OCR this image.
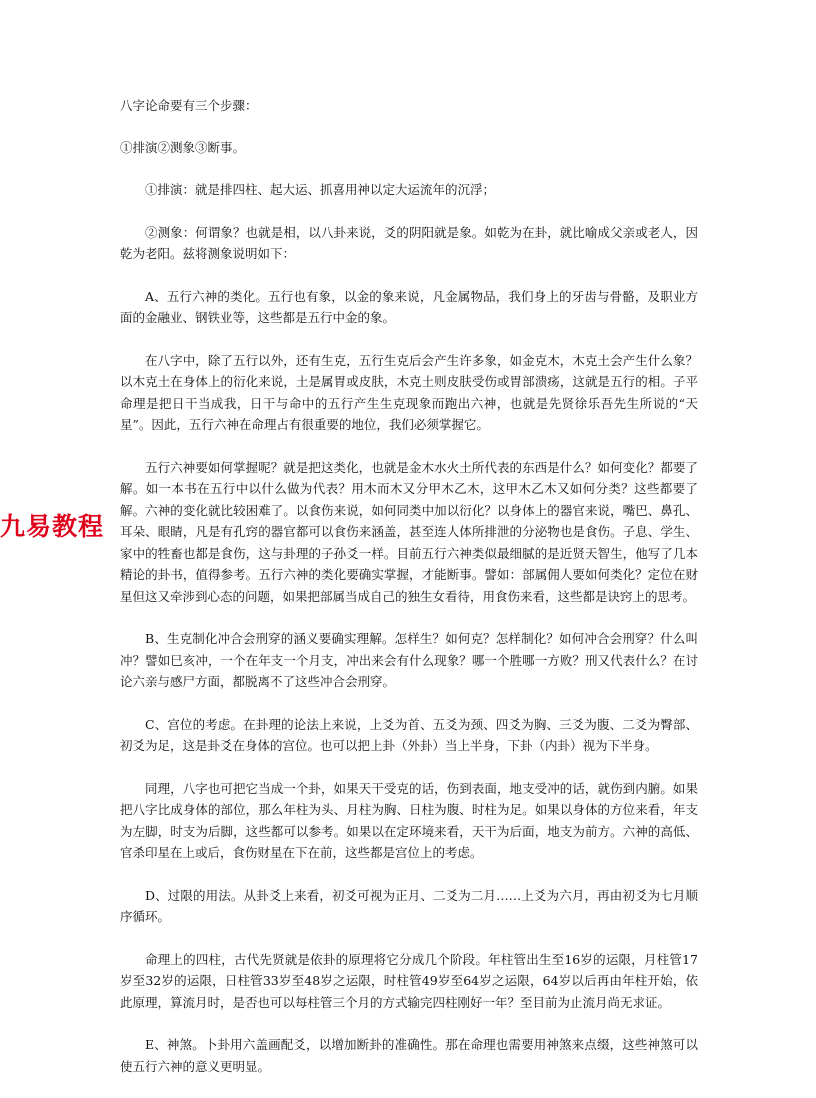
八字论命要有三个步骤：

①排演②测象③断事。

①排演：就是排四柱、起大运、抓喜用神以定大运流年的沉浮；

②测象：何谓象？也就是相，以八卦来说，爻的阴阳就是象。如乾为在卦，就比喻成父亲或老人，因乾为老阳。兹将测象说明如下：

A、五行六神的类化。五行也有象，以金的象来说，凡金属物品，我们身上的牙齿与骨骼，及职业方面的金融业、钢铁业等，这些都是五行中金的象。

在八字中，除了五行以外，还有生克，五行生克后会产生许多象，如金克木，木克土会产生什么象？以木克土在身体上的衍化来说，土是属胃或皮肤，木克土则皮肤受伤或胃部溃疡，这就是五行的相。子平命理是把日干当成我，日干与命中的五行产生生克现象而跑出六神，也就是先贤徐乐吾先生所说的“天星”。因此，五行六神在命理占有很重要的地位，我们必须掌握它。

五行六神要如何掌握呢？就是把这类化，也就是金木水火土所代表的东西是什么？如何变化？都要了解。如一本书在五行中以什么做为代表？用木而木又分甲木乙木，这甲木乙木又如何分类？这些都要了解。六神的变化就比较困难了。以食伤来说，如何同类中加以衍化？以身体上的器官来说，嘴巴、鼻孔、耳朵、眼睛，凡是有孔窍的器官都可以食伤来涵盖，甚至连人体所排泄的分泌物也是食伤。子息、学生、家中的牲畜也都是食伤，这与卦理的子孙爻一样。目前五行六神类似最细腻的是近贤天智生，他写了几本精论的卦书，值得参考。五行六神的类化要确实掌握，才能断事。譬如：部属佣人要如何类化？定位在财星但这又牵涉到心态的问题，如果把部属当成自己的独生女看待，用食伤来看，这些都是诀窍上的思考。

B、生克制化冲合会刑穿的涵义要确实理解。怎样生？如何克？怎样制化？如何冲合会刑穿？什么叫冲？譬如巳亥冲，一个在年支一个月支，冲出来会有什么现象？哪一个胜哪一方败？刑又代表什么？在讨论六亲与感尸方面，都脱离不了这些冲合会刑穿。

C、宫位的考虑。在卦理的论法上来说，上爻为首、五爻为颈、四爻为胸、三爻为腹、二爻为臀部、初爻为足，这是卦爻在身体的宫位。也可以把上卦（外卦）当上半身，下卦（内卦）视为下半身。

同理，八字也可把它当成一个卦，如果天干受克的话，伤到表面，地支受冲的话，就伤到内腑。如果把八字比成身体的部位，那么年柱为头、月柱为胸、日柱为腹、时柱为足。如果以身体的方位来看，年支为左脚，时支为后脚，这些都可以参考。如果以在定环境来看，天干为后面，地支为前方。六神的高低、官杀印星在上或后，食伤财星在下在前，这些都是宫位上的考虑。

D、过限的用法。从卦爻上来看，初爻可视为正月、二爻为二月……上爻为六月，再由初爻为七月顺序循环。

命理上的四柱，古代先贤就是依卦的原理将它分成几个阶段。年柱管出生至16岁的运限，月柱管17岁至32岁的运限，日柱管33岁至48岁之运限，时柱管49岁至64岁之运限，64岁以后再由年柱开始，依此原理，算流月时，是否也可以每柱管三个月的方式输完四柱刚好一年？至目前为止流月尚无求证。

E、神煞。卜卦用六盖画配爻，以增加断卦的准确性。那在命理也需要用神煞来点缀，这些神煞可以使五行六神的意义更明显。

九易教程
